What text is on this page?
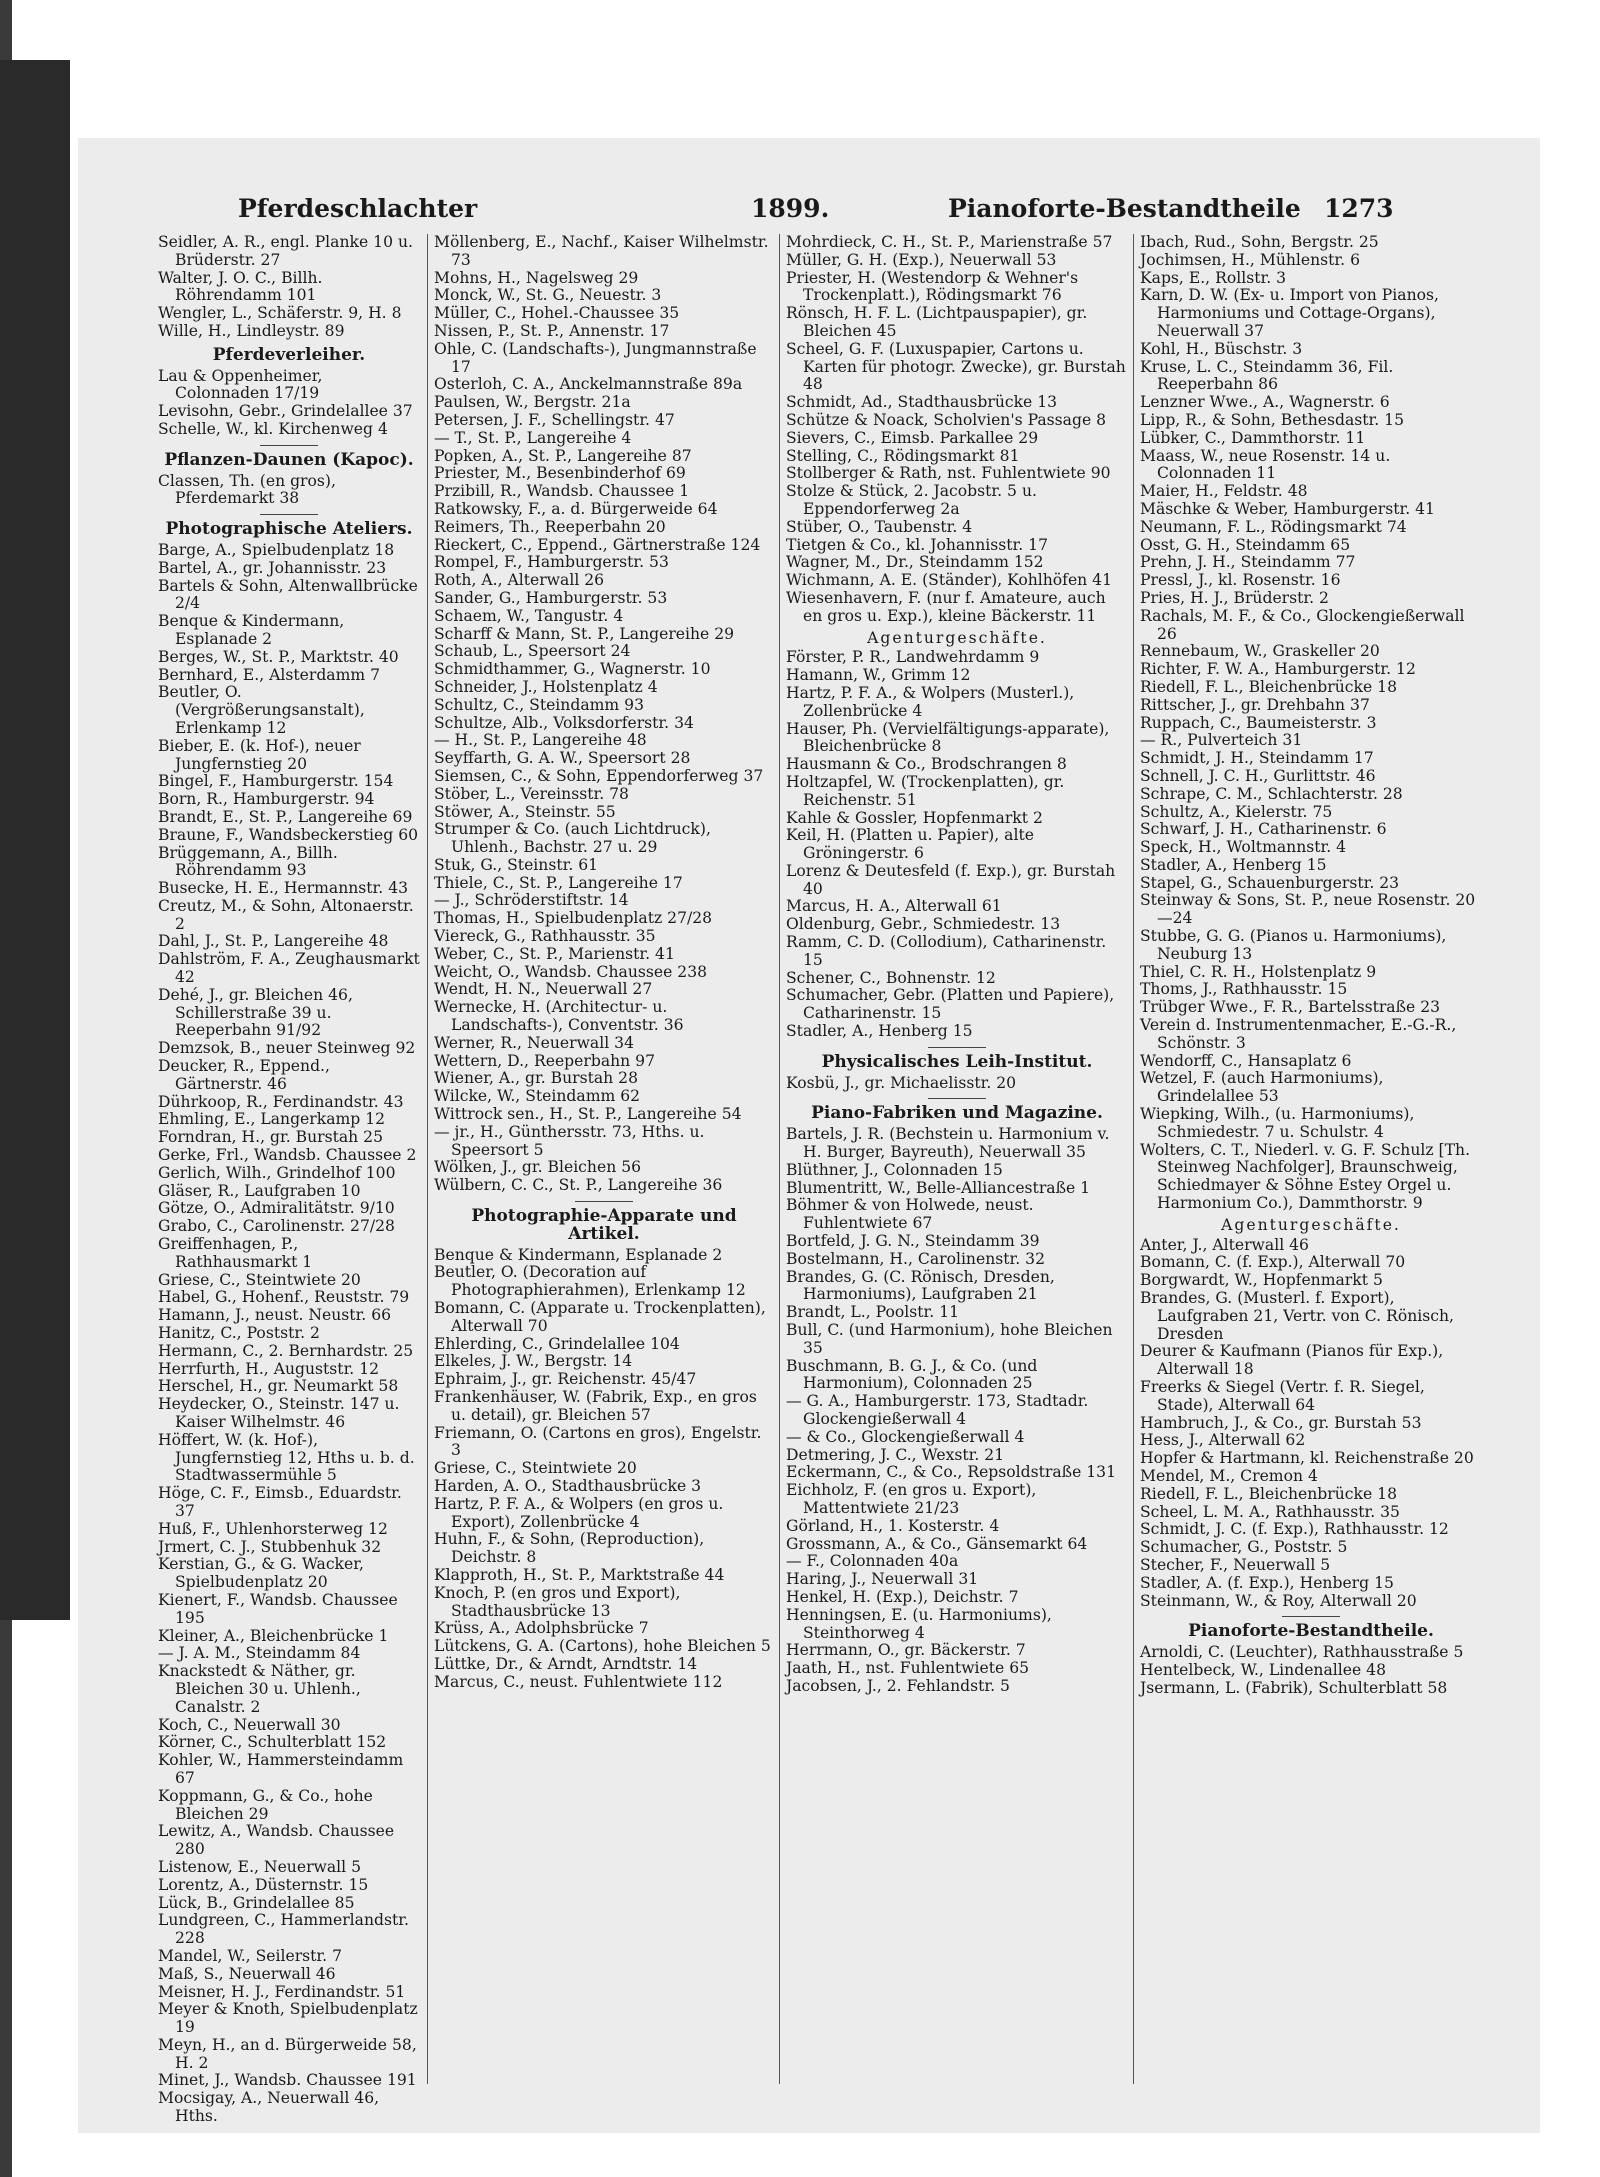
Pferdeschlachter	1899.	Pianoforte-Bestandtheile 1273

Seidler, A. R., engl. Planke 10 u. Brüderstr. 27

Walter, J. O. C., Billh. Röhrendamm 101

Wengler, L., Schäferstr. 9, H. 8

Wille, H., Lindleystr. 89

Pferdeverleiher.

Lau & Oppenheimer, Colonnaden 17/19

Levisohn, Gebr., Grindelallee 37

Schelle, W., kl. Kirchenweg 4

Pflanzen-Daunen (Kapoc).

Classen, Th. (en gros), Pferdemarkt 38

Photographische Ateliers.

Barge, A., Spielbudenplatz 18

Bartel, A., gr. Johannisstr. 23

Bartels & Sohn, Altenwallbrücke 2/4

Benque & Kindermann, Esplanade 2

Berges, W., St. P., Marktstr. 40

Bernhard, E., Alsterdamm 7

Beutler, O. (Vergrößerungsanstalt), Erlenkamp 12

Bieber, E. (k. Hof-), neuer Jungfernstieg 20

Bingel, F., Hamburgerstr. 154

Born, R., Hamburgerstr. 94

Brandt, E., St. P., Langereihe 69

Braune, F., Wandsbeckerstieg 60

Brüggemann, A., Billh. Röhrendamm 93

Busecke, H. E., Hermannstr. 43

Creutz, M., & Sohn, Altonaerstr. 2

Dahl, J., St. P., Langereihe 48

Dahlström, F. A., Zeughausmarkt 42

Dehé, J., gr. Bleichen 46, Schillerstraße 39 u. Reeperbahn 91/92

Demzsok, B., neuer Steinweg 92

Deucker, R., Eppend., Gärtnerstr. 46

Dührkoop, R., Ferdinandstr. 43

Ehmling, E., Langerkamp 12

Forndran, H., gr. Burstah 25

Gerke, Frl., Wandsb. Chaussee 2

Gerlich, Wilh., Grindelhof 100

Gläser, R., Laufgraben 10

Götze, O., Admiralitätstr. 9/10

Grabo, C., Carolinenstr. 27/28

Greiffenhagen, P., Rathhausmarkt 1

Griese, C., Steintwiete 20

Habel, G., Hohenf., Reuststr. 79

Hamann, J., neust. Neustr. 66

Hanitz, C., Poststr. 2

Hermann, C., 2. Bernhardstr. 25

Herrfurth, H., Auguststr. 12

Herschel, H., gr. Neumarkt 58

Heydecker, O., Steinstr. 147 u. Kaiser Wilhelmstr. 46

Höffert, W. (k. Hof-), Jungfernstieg 12, Hths u. b. d. Stadtwassermühle 5

Höge, C. F., Eimsb., Eduardstr. 37

Huß, F., Uhlenhorsterweg 12

Jrmert, C. J., Stubbenhuk 32

Kerstian, G., & G. Wacker, Spielbudenplatz 20

Kienert, F., Wandsb. Chaussee 195

Kleiner, A., Bleichenbrücke 1

— J. A. M., Steindamm 84

Knackstedt & Näther, gr. Bleichen 30 u. Uhlenh., Canalstr. 2

Koch, C., Neuerwall 30

Körner, C., Schulterblatt 152

Kohler, W., Hammersteindamm 67

Koppmann, G., & Co., hohe Bleichen 29

Lewitz, A., Wandsb. Chaussee 280

Listenow, E., Neuerwall 5

Lorentz, A., Düsternstr. 15

Lück, B., Grindelallee 85

Lundgreen, C., Hammerlandstr. 228

Mandel, W., Seilerstr. 7

Maß, S., Neuerwall 46

Meisner, H. J., Ferdinandstr. 51

Meyer & Knoth, Spielbudenplatz 19

Meyn, H., an d. Bürgerweide 58, H. 2

Minet, J., Wandsb. Chaussee 191

Mocsigay, A., Neuerwall 46, Hths.

Möllenberg, E., Nachf., Kaiser Wilhelmstr. 73

Mohns, H., Nagelsweg 29

Monck, W., St. G., Neuestr. 3

Müller, C., Hohel.-Chaussee 35

Nissen, P., St. P., Annenstr. 17

Ohle, C. (Landschafts-), Jungmannstraße 17

Osterloh, C. A., Anckelmannstraße 89a

Paulsen, W., Bergstr. 21a

Petersen, J. F., Schellingstr. 47

— T., St. P., Langereihe 4

Popken, A., St. P., Langereihe 87

Priester, M., Besenbinderhof 69

Przibill, R., Wandsb. Chaussee 1

Ratkowsky, F., a. d. Bürgerweide 64

Reimers, Th., Reeperbahn 20

Rieckert, C., Eppend., Gärtnerstraße 124

Rompel, F., Hamburgerstr. 53

Roth, A., Alterwall 26

Sander, G., Hamburgerstr. 53

Schaem, W., Tangustr. 4

Scharff & Mann, St. P., Langereihe 29

Schaub, L., Speersort 24

Schmidthammer, G., Wagnerstr. 10

Schneider, J., Holstenplatz 4

Schultz, C., Steindamm 93

Schultze, Alb., Volksdorferstr. 34

— H., St. P., Langereihe 48

Seyffarth, G. A. W., Speersort 28

Siemsen, C., & Sohn, Eppendorferweg 37

Stöber, L., Vereinsstr. 78

Stöwer, A., Steinstr. 55

Strumper & Co. (auch Lichtdruck), Uhlenh., Bachstr. 27 u. 29

Stuk, G., Steinstr. 61

Thiele, C., St. P., Langereihe 17

— J., Schröderstiftstr. 14

Thomas, H., Spielbudenplatz 27/28

Viereck, G., Rathhausstr. 35

Weber, C., St. P., Marienstr. 41

Weicht, O., Wandsb. Chaussee 238

Wendt, H. N., Neuerwall 27

Wernecke, H. (Architectur- u. Landschafts-), Conventstr. 36

Werner, R., Neuerwall 34

Wettern, D., Reeperbahn 97

Wiener, A., gr. Burstah 28

Wilcke, W., Steindamm 62

Wittrock sen., H., St. P., Langereihe 54

— jr., H., Günthersstr. 73, Hths. u. Speersort 5

Wölken, J., gr. Bleichen 56

Wülbern, C. C., St. P., Langereihe 36

Photographie-Apparate und Artikel.

Benque & Kindermann, Esplanade 2

Beutler, O. (Decoration auf Photographierahmen), Erlenkamp 12

Bomann, C. (Apparate u. Trockenplatten), Alterwall 70

Ehlerding, C., Grindelallee 104

Elkeles, J. W., Bergstr. 14

Ephraim, J., gr. Reichenstr. 45/47

Frankenhäuser, W. (Fabrik, Exp., en gros u. detail), gr. Bleichen 57

Friemann, O. (Cartons en gros), Engelstr. 3

Griese, C., Steintwiete 20

Harden, A. O., Stadthausbrücke 3

Hartz, P. F. A., & Wolpers (en gros u. Export), Zollenbrücke 4

Huhn, F., & Sohn, (Reproduction), Deichstr. 8

Klapproth, H., St. P., Marktstraße 44

Knoch, P. (en gros und Export), Stadthausbrücke 13

Krüss, A., Adolphsbrücke 7

Lütckens, G. A. (Cartons), hohe Bleichen 5

Lüttke, Dr., & Arndt, Arndtstr. 14

Marcus, C., neust. Fuhlentwiete 112

Mohrdieck, C. H., St. P., Marienstraße 57

Müller, G. H. (Exp.), Neuerwall 53

Priester, H. (Westendorp & Wehner's Trockenplatt.), Rödingsmarkt 76

Rönsch, H. F. L. (Lichtpauspapier), gr. Bleichen 45

Scheel, G. F. (Luxuspapier, Cartons u. Karten für photogr. Zwecke), gr. Burstah 48

Schmidt, Ad., Stadthausbrücke 13

Schütze & Noack, Scholvien's Passage 8

Sievers, C., Eimsb. Parkallee 29

Stelling, C., Rödingsmarkt 81

Stollberger & Rath, nst. Fuhlentwiete 90

Stolze & Stück, 2. Jacobstr. 5 u. Eppendorferweg 2a

Stüber, O., Taubenstr. 4

Tietgen & Co., kl. Johannisstr. 17

Wagner, M., Dr., Steindamm 152

Wichmann, A. E. (Ständer), Kohlhöfen 41

Wiesenhavern, F. (nur f. Amateure, auch en gros u. Exp.), kleine Bäckerstr. 11

Agenturgeschäfte.

Förster, P. R., Landwehrdamm 9

Hamann, W., Grimm 12

Hartz, P. F. A., & Wolpers (Musterl.), Zollenbrücke 4

Hauser, Ph. (Vervielfältigungs-apparate), Bleichenbrücke 8

Hausmann & Co., Brodschrangen 8

Holtzapfel, W. (Trockenplatten), gr. Reichenstr. 51

Kahle & Gossler, Hopfenmarkt 2

Keil, H. (Platten u. Papier), alte Gröningerstr. 6

Lorenz & Deutesfeld (f. Exp.), gr. Burstah 40

Marcus, H. A., Alterwall 61

Oldenburg, Gebr., Schmiedestr. 13

Ramm, C. D. (Collodium), Catharinenstr. 15

Schener, C., Bohnenstr. 12

Schumacher, Gebr. (Platten und Papiere), Catharinenstr. 15

Stadler, A., Henberg 15

Physicalisches Leih-Institut.

Kosbü, J., gr. Michaelisstr. 20

Piano-Fabriken und Magazine.

Bartels, J. R. (Bechstein u. Harmonium v. H. Burger, Bayreuth), Neuerwall 35

Blüthner, J., Colonnaden 15

Blumentritt, W., Belle-Alliancestraße 1

Böhmer & von Holwede, neust. Fuhlentwiete 67

Bortfeld, J. G. N., Steindamm 39

Bostelmann, H., Carolinenstr. 32

Brandes, G. (C. Rönisch, Dresden, Harmoniums), Laufgraben 21

Brandt, L., Poolstr. 11

Bull, C. (und Harmonium), hohe Bleichen 35

Buschmann, B. G. J., & Co. (und Harmonium), Colonnaden 25

— G. A., Hamburgerstr. 173, Stadtadr. Glockengießerwall 4

— & Co., Glockengießerwall 4

Detmering, J. C., Wexstr. 21

Eckermann, C., & Co., Repsoldstraße 131

Eichholz, F. (en gros u. Export), Mattentwiete 21/23

Görland, H., 1. Kosterstr. 4

Grossmann, A., & Co., Gänsemarkt 64

— F., Colonnaden 40a

Haring, J., Neuerwall 31

Henkel, H. (Exp.), Deichstr. 7

Henningsen, E. (u. Harmoniums), Steinthorweg 4

Herrmann, O., gr. Bäckerstr. 7

Jaath, H., nst. Fuhlentwiete 65

Jacobsen, J., 2. Fehlandstr. 5

Ibach, Rud., Sohn, Bergstr. 25

Jochimsen, H., Mühlenstr. 6

Kaps, E., Rollstr. 3

Karn, D. W. (Ex- u. Import von Pianos, Harmoniums und Cottage-Organs), Neuerwall 37

Kohl, H., Büschstr. 3

Kruse, L. C., Steindamm 36, Fil. Reeperbahn 86

Lenzner Wwe., A., Wagnerstr. 6

Lipp, R., & Sohn, Bethesdastr. 15

Lübker, C., Dammthorstr. 11

Maass, W., neue Rosenstr. 14 u. Colonnaden 11

Maier, H., Feldstr. 48

Mäschke & Weber, Hamburgerstr. 41

Neumann, F. L., Rödingsmarkt 74

Osst, G. H., Steindamm 65

Prehn, J. H., Steindamm 77

Pressl, J., kl. Rosenstr. 16

Pries, H. J., Brüderstr. 2

Rachals, M. F., & Co., Glockengießerwall 26

Rennebaum, W., Graskeller 20

Richter, F. W. A., Hamburgerstr. 12

Riedell, F. L., Bleichenbrücke 18

Rittscher, J., gr. Drehbahn 37

Ruppach, C., Baumeisterstr. 3

— R., Pulverteich 31

Schmidt, J. H., Steindamm 17

Schnell, J. C. H., Gurlittstr. 46

Schrape, C. M., Schlachterstr. 28

Schultz, A., Kielerstr. 75

Schwarf, J. H., Catharinenstr. 6

Speck, H., Woltmannstr. 4

Stadler, A., Henberg 15

Stapel, G., Schauenburgerstr. 23

Steinway & Sons, St. P., neue Rosenstr. 20—24

Stubbe, G. G. (Pianos u. Harmoniums), Neuburg 13

Thiel, C. R. H., Holstenplatz 9

Thoms, J., Rathhausstr. 15

Trübger Wwe., F. R., Bartelsstraße 23

Verein d. Instrumentenmacher, E.-G.-R., Schönstr. 3

Wendorff, C., Hansaplatz 6

Wetzel, F. (auch Harmoniums), Grindelallee 53

Wiepking, Wilh., (u. Harmoniums), Schmiedestr. 7 u. Schulstr. 4

Wolters, C. T., Niederl. v. G. F. Schulz [Th. Steinweg Nachfolger], Braunschweig, Schiedmayer & Söhne Estey Orgel u. Harmonium Co.), Dammthorstr. 9

Agenturgeschäfte.

Anter, J., Alterwall 46

Bomann, C. (f. Exp.), Alterwall 70

Borgwardt, W., Hopfenmarkt 5

Brandes, G. (Musterl. f. Export), Laufgraben 21, Vertr. von C. Rönisch, Dresden

Deurer & Kaufmann (Pianos für Exp.), Alterwall 18

Freerks & Siegel (Vertr. f. R. Siegel, Stade), Alterwall 64

Hambruch, J., & Co., gr. Burstah 53

Hess, J., Alterwall 62

Hopfer & Hartmann, kl. Reichenstraße 20

Mendel, M., Cremon 4

Riedell, F. L., Bleichenbrücke 18

Scheel, L. M. A., Rathhausstr. 35

Schmidt, J. C. (f. Exp.), Rathhausstr. 12

Schumacher, G., Poststr. 5

Stecher, F., Neuerwall 5

Stadler, A. (f. Exp.), Henberg 15

Steinmann, W., & Roy, Alterwall 20

Pianoforte-Bestandtheile.

Arnoldi, C. (Leuchter), Rathhausstraße 5

Hentelbeck, W., Lindenallee 48

Jsermann, L. (Fabrik), Schulterblatt 58
